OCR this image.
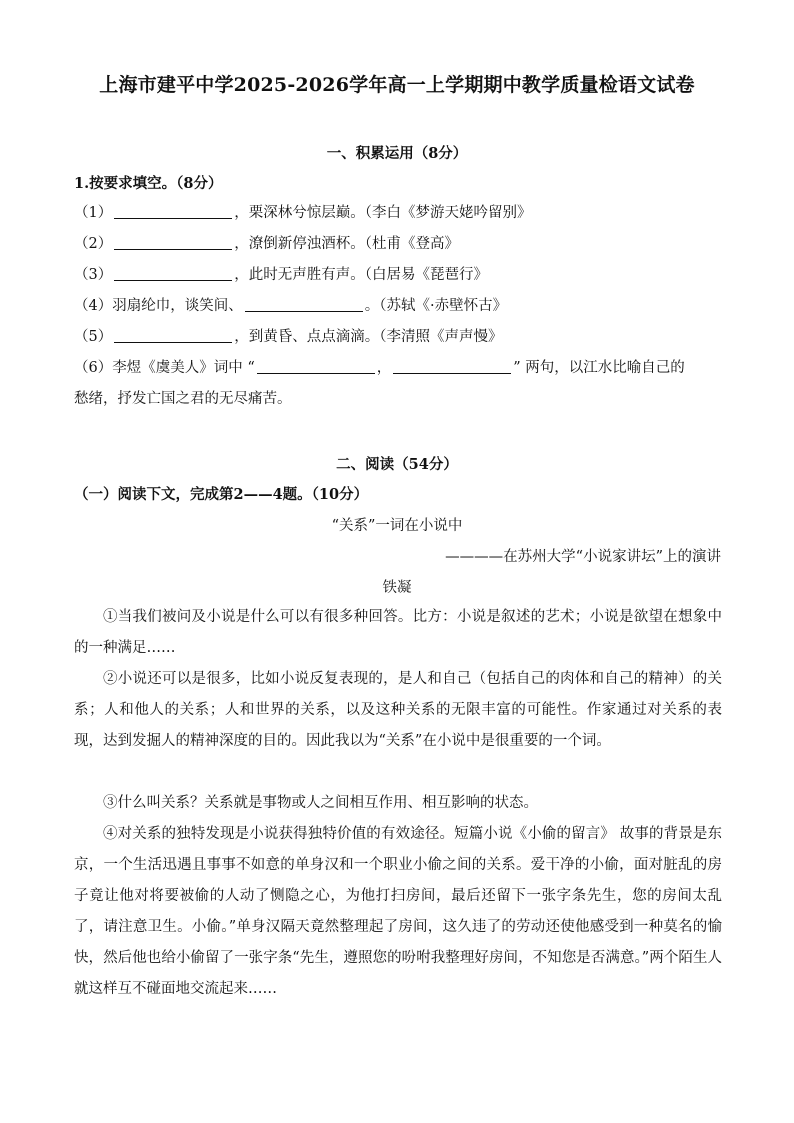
上海市建平中学2025-2026学年高一上学期期中教学质量检语文试卷
一、积累运用（8分）
1.按要求填空。（8分）
（1）	，栗深林兮惊层巅。（李白《梦游天姥吟留别》
（2）	，潦倒新停浊酒杯。（杜甫《登高》
（3）	，此时无声胜有声。（白居易《琵琶行》
（4）羽扇纶巾，谈笑间、	。（苏轼《·赤壁怀古》
（5）	，到黄昏、点点滴滴。（李清照《声声慢》
（6）李煜《虞美人》词中 “	，	” 两句，以江水比喻自己的
愁绪，抒发亡国之君的无尽痛苦。
二、阅读（54分）
（一）阅读下文，完成第2——4题。（10分）
“关系”一词在小说中
————在苏州大学“小说家讲坛”上的演讲
铁凝
①当我们被问及小说是什么可以有很多种回答。比方：小说是叙述的艺术；小说是欲望在想象中的一种满足……
②小说还可以是很多，比如小说反复表现的，是人和自己（包括自己的肉体和自己的精神）的关系；人和他人的关系；人和世界的关系，以及这种关系的无限丰富的可能性。作家通过对关系的表现，达到发掘人的精神深度的目的。因此我以为“关系”在小说中是很重要的一个词。
③什么叫关系？关系就是事物或人之间相互作用、相互影响的状态。
④对关系的独特发现是小说获得独特价值的有效途径。短篇小说《小偷的留言》 故事的背景是东京，一个生活迅遇且事事不如意的单身汉和一个职业小偷之间的关系。爱干净的小偷，面对脏乱的房子竟让他对将要被偷的人动了恻隐之心，为他打扫房间，最后还留下一张字条先生，您的房间太乱了，请注意卫生。小偷。”单身汉隔天竟然整理起了房间，这久违了的劳动还使他感受到一种莫名的愉快，然后他也给小偷留了一张字条“先生，遵照您的吩咐我整理好房间，不知您是否满意。”两个陌生人就这样互不碰面地交流起来……
